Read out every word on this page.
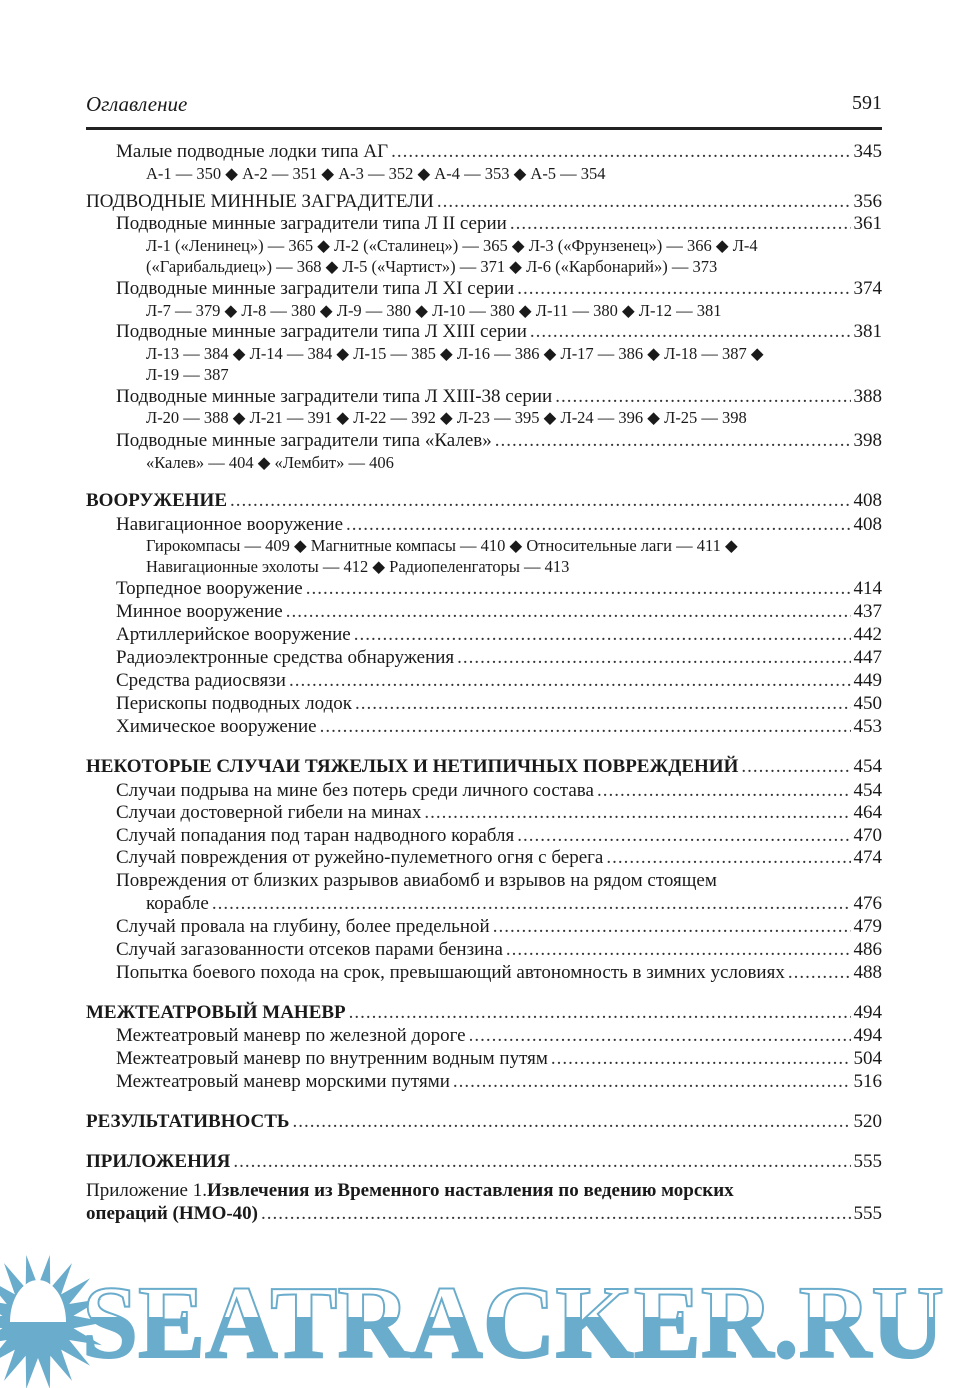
Оглавление	591
Малые подводные лодки типа АГ .....	345
А-1 — 350 ◆ А-2 — 351 ◆ А-3 — 352 ◆ А-4 — 353 ◆ А-5 — 354
ПОДВОДНЫЕ МИННЫЕ ЗАГРАДИТЕЛИ .....	356
Подводные минные заградители типа Л II серии .....	361
Л-1 («Ленинец») — 365 ◆ Л-2 («Сталинец») — 365 ◆ Л-3 («Фрунзенец») — 366 ◆ Л-4
(«Гарибальдиец») — 368 ◆ Л-5 («Чартист») — 371 ◆ Л-6 («Карбонарий») — 373
Подводные минные заградители типа Л XI серии .....	374
Л-7 — 379 ◆ Л-8 — 380 ◆ Л-9 — 380 ◆ Л-10 — 380 ◆ Л-11 — 380 ◆ Л-12 — 381
Подводные минные заградители типа Л XIII серии .....	381
Л-13 — 384 ◆ Л-14 — 384 ◆ Л-15 — 385 ◆ Л-16 — 386 ◆ Л-17 — 386 ◆ Л-18 — 387 ◆
Л-19 — 387
Подводные минные заградители типа Л XIII-38 серии .....	388
Л-20 — 388 ◆ Л-21 — 391 ◆ Л-22 — 392 ◆ Л-23 — 395 ◆ Л-24 — 396 ◆ Л-25 — 398
Подводные минные заградители типа «Калев» .....	398
«Калев» — 404 ◆ «Лембит» — 406
ВООРУЖЕНИЕ .....	408
Навигационное вооружение .....	408
Гирокомпасы — 409 ◆ Магнитные компасы — 410 ◆ Относительные лаги — 411 ◆
Навигационные эхолоты — 412 ◆ Радиопеленгаторы — 413
Торпедное вооружение .....	414
Минное вооружение .....	437
Артиллерийское вооружение .....	442
Радиоэлектронные средства обнаружения .....	447
Средства радиосвязи .....	449
Перископы подводных лодок .....	450
Химическое вооружение .....	453
НЕКОТОРЫЕ СЛУЧАИ ТЯЖЕЛЫХ И НЕТИПИЧНЫХ ПОВРЕЖДЕНИЙ .....	454
Случаи подрыва на мине без потерь среди личного состава .....	454
Случаи достоверной гибели на минах .....	464
Случай попадания под таран надводного корабля .....	470
Случай повреждения от ружейно-пулеметного огня с берега .....	474
Повреждения от близких разрывов авиабомб и взрывов на рядом стоящем
корабле .....	476
Случай провала на глубину, более предельной .....	479
Случай загазованности отсеков парами бензина .....	486
Попытка боевого похода на срок, превышающий автономность в зимних условиях .....	488
МЕЖТЕАТРОВЫЙ МАНЕВР .....	494
Межтеатровый маневр по железной дороге .....	494
Межтеатровый маневр по внутренним водным путям .....	504
Межтеатровый маневр морскими путями .....	516
РЕЗУЛЬТАТИВНОСТЬ .....	520
ПРИЛОЖЕНИЯ .....	555
Приложение 1. Извлечения из Временного наставления по ведению морских
операций (НМО-40) .....	555
SEATRACKER.RU
